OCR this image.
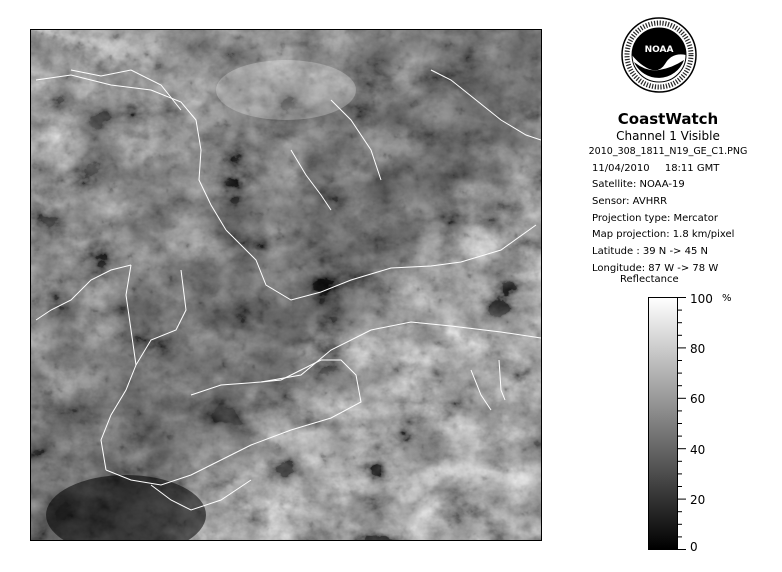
NOAA
CoastWatch
Channel 1 Visible
2010_308_1811_N19_GE_C1.PNG
11/04/2010 18:11 GMT
Satellite: NOAA-19
Sensor: AVHRR
Projection type: Mercator
Map projection: 1.8 km/pixel
Latitude : 39 N -> 45 N
Longitude: 87 W -> 78 W
Reflectance
%
100
80
60
40
20
0
